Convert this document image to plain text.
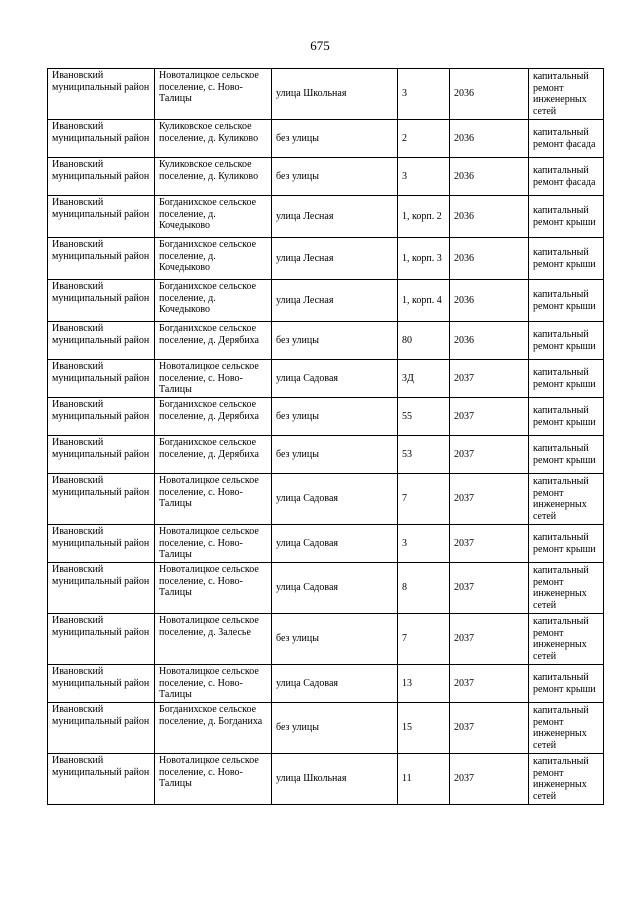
675
Ивановский муниципальный район	Новоталицкое сельское поселение, с. Ново-Талицы	улица Школьная	3	2036	капитальный ремонт инженерных сетей
Ивановский муниципальный район	Куликовское сельское поселение, д. Куликово	без улицы	2	2036	капитальный ремонт фасада
Ивановский муниципальный район	Куликовское сельское поселение, д. Куликово	без улицы	3	2036	капитальный ремонт фасада
Ивановский муниципальный район	Богданихское сельское поселение, д. Кочедыково	улица Лесная	1, корп. 2	2036	капитальный ремонт крыши
Ивановский муниципальный район	Богданихское сельское поселение, д. Кочедыково	улица Лесная	1, корп. 3	2036	капитальный ремонт крыши
Ивановский муниципальный район	Богданихское сельское поселение, д. Кочедыково	улица Лесная	1, корп. 4	2036	капитальный ремонт крыши
Ивановский муниципальный район	Богданихское сельское поселение, д. Дерябиха	без улицы	80	2036	капитальный ремонт крыши
Ивановский муниципальный район	Новоталицкое сельское поселение, с. Ново-Талицы	улица Садовая	3Д	2037	капитальный ремонт крыши
Ивановский муниципальный район	Богданихское сельское поселение, д. Дерябиха	без улицы	55	2037	капитальный ремонт крыши
Ивановский муниципальный район	Богданихское сельское поселение, д. Дерябиха	без улицы	53	2037	капитальный ремонт крыши
Ивановский муниципальный район	Новоталицкое сельское поселение, с. Ново-Талицы	улица Садовая	7	2037	капитальный ремонт инженерных сетей
Ивановский муниципальный район	Новоталицкое сельское поселение, с. Ново-Талицы	улица Садовая	3	2037	капитальный ремонт крыши
Ивановский муниципальный район	Новоталицкое сельское поселение, с. Ново-Талицы	улица Садовая	8	2037	капитальный ремонт инженерных сетей
Ивановский муниципальный район	Новоталицкое сельское поселение, д. Залесье	без улицы	7	2037	капитальный ремонт инженерных сетей
Ивановский муниципальный район	Новоталицкое сельское поселение, с. Ново-Талицы	улица Садовая	13	2037	капитальный ремонт крыши
Ивановский муниципальный район	Богданихское сельское поселение, д. Богданиха	без улицы	15	2037	капитальный ремонт инженерных сетей
Ивановский муниципальный район	Новоталицкое сельское поселение, с. Ново-Талицы	улица Школьная	11	2037	капитальный ремонт инженерных сетей
